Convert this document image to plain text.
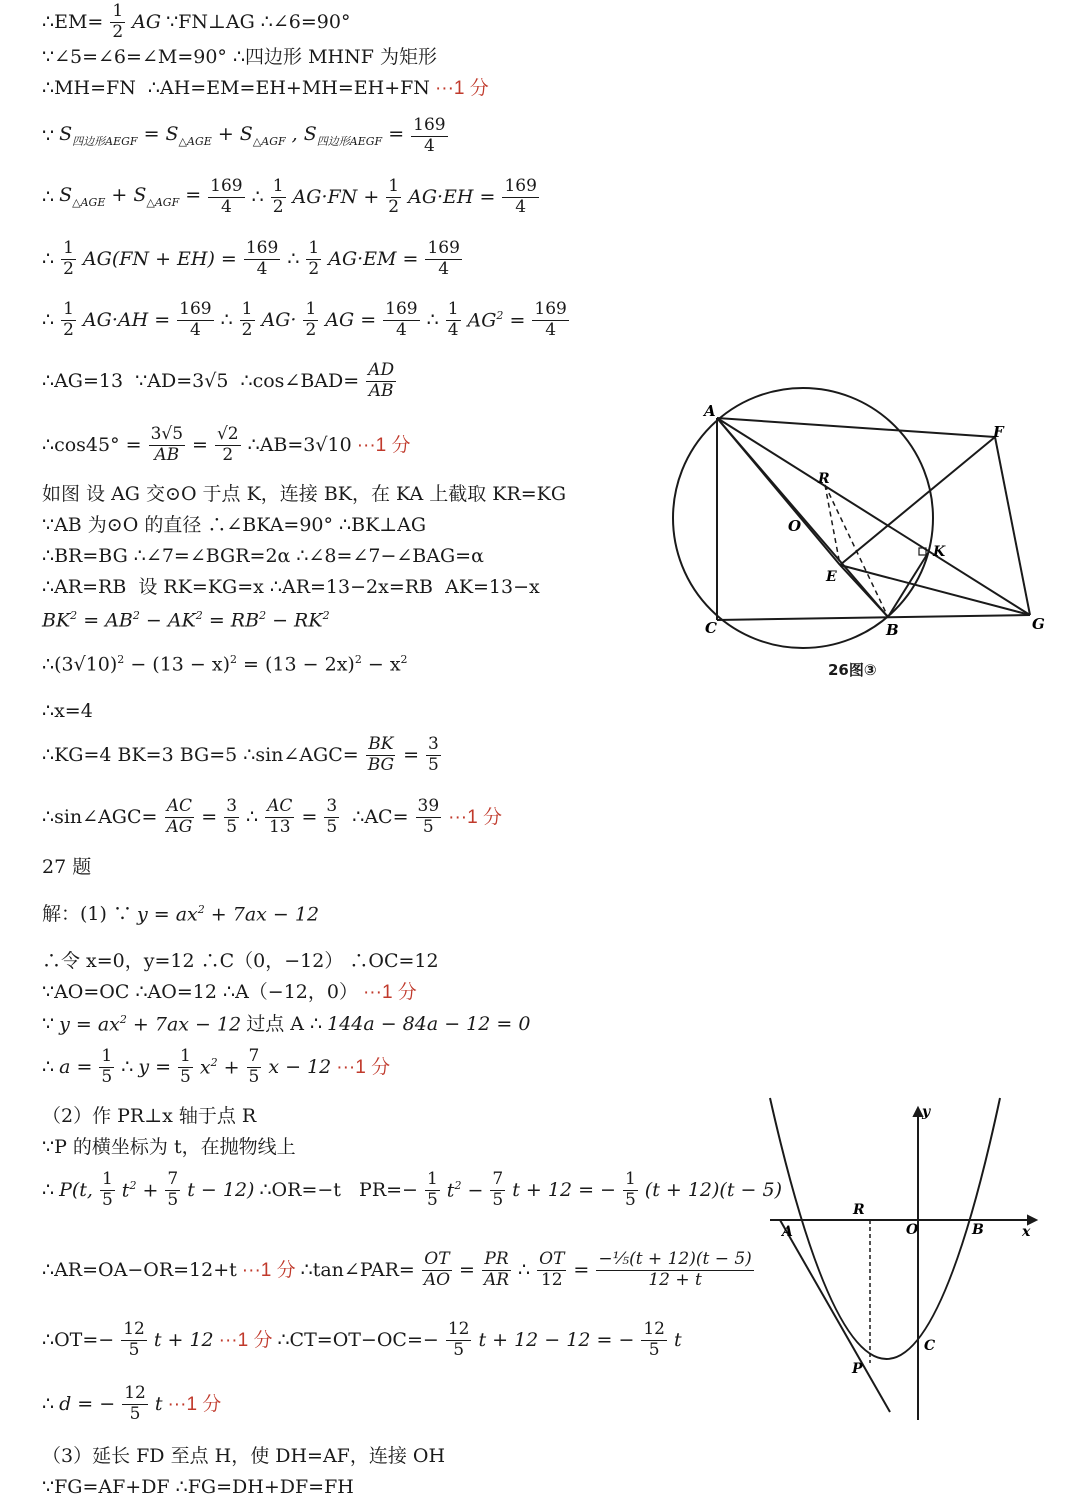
∴EM= $\frac{1}{2}$ AG ∵FN⊥AG ∴∠6=90°
∵∠5=∠6=∠M=90° ∴四边形 MHNF 为矩形
∴MH=FN  ∴AH=EM=EH+MH=EH+FN ···1 分
∵ $S_{四边形AEGF} = S_{\triangle AGE} + S_{\triangle AGF}$ , $S_{四边形AEGF} = \frac{169}{4}$
∴ $S_{\triangle AGE} + S_{\triangle AGF} = \frac{169}{4}$ ∴ $\frac{1}{2} AG\cdot FN + \frac{1}{2} AG\cdot EH = \frac{169}{4}$
∴ $\frac{1}{2} AG(FN + EH) = \frac{169}{4}$ ∴ $\frac{1}{2} AG\cdot EM = \frac{169}{4}$
∴ $\frac{1}{2} AG\cdot AH = \frac{169}{4}$ ∴ $\frac{1}{2} AG\cdot \frac{1}{2}$ AG = $\frac{169}{4}$ ∴ $\frac{1}{4} AG^2 = \frac{169}{4}$
∴AG=13  ∵AD=3√5  ∴cos∠BAD= $\frac{AD}{AB}$
∴cos45° = $\frac{3√5}{AB} = \frac{√2}{2}$ ∴AB=3√10 ···1 分
如图 设 AG 交⊙O 于点 K，连接 BK，在 KA 上截取 KR=KG
∵AB 为⊙O 的直径 ∴∠BKA=90° ∴BK⊥AG
∴BR=BG ∴∠7=∠BGR=2α ∴∠8=∠7−∠BAG=α
∴AR=RB  设 RK=KG=x ∴AR=13−2x=RB  AK=13−x
$BK^2 = AB^2 - AK^2 = RB^2 - RK^2$
$\therefore(3√10)^2 - (13 - x)^2 = (13 - 2x)^2 - x^2$
∴x=4
∴KG=4 BK=3 BG=5 ∴sin∠AGC= $\frac{BK}{BG} = \frac{3}{5}$
∴sin∠AGC= $\frac{AC}{AG} = \frac{3}{5}$ ∴ $\frac{AC}{13} = \frac{3}{5}$ ∴AC= $\frac{39}{5} \cdot\cdot\cdot 1$ 分
27 题
解：(1) ∵ $y = ax^2 + 7ax - 12$
∴令 x=0，y=12 ∴C（0，−12） ∴OC=12
∵AO=OC ∴AO=12 ∴A（−12，0） ···1 分
∵ $y = ax^2 + 7ax - 12$ 过点 A ∴ 144a − 84a − 12 = 0
∴ $a = \frac{1}{5}$ ∴ $y = \frac{1}{5} x^2 + \frac{7}{5}$ x − 12 ···1 分
（2）作 PR⊥x 轴于点 R
∵P 的横坐标为 t，在抛物线上
∴ P(t, $\frac{1}{5} t^2 + \frac{7}{5}$ t − 12) ∴OR=−t   $PR=- \frac{1}{5} t^2 - \frac{7}{5}$ t + 12 = − $\frac{1}{5} (t + 12)(t - 5)$
∴AR=OA−OR=12+t ···1 分 ∴tan∠PAR= $\frac{OT}{AO} = \frac{PR}{AR}$ ∴ $\frac{OT}{12} = \frac{\text{−⅕(t + 12)(t − 5)}}{12 + t}$
∴OT=− $\frac{12}{5}$ t + 12 ···1 分 ∴CT=OT−OC=− $\frac{12}{5}$ t + 12 − 12 = − $\frac{12}{5}$ t
∴ d = − $\frac{12}{5}$ t ···1 分
（3）延长 FD 至点 H，使 DH=AF，连接 OH
∵FG=AF+DF ∴FG=DH+DF=FH
A
F
R
O
K
E
C	B	G
26图③
y
x
A
R
O	B
C
P
